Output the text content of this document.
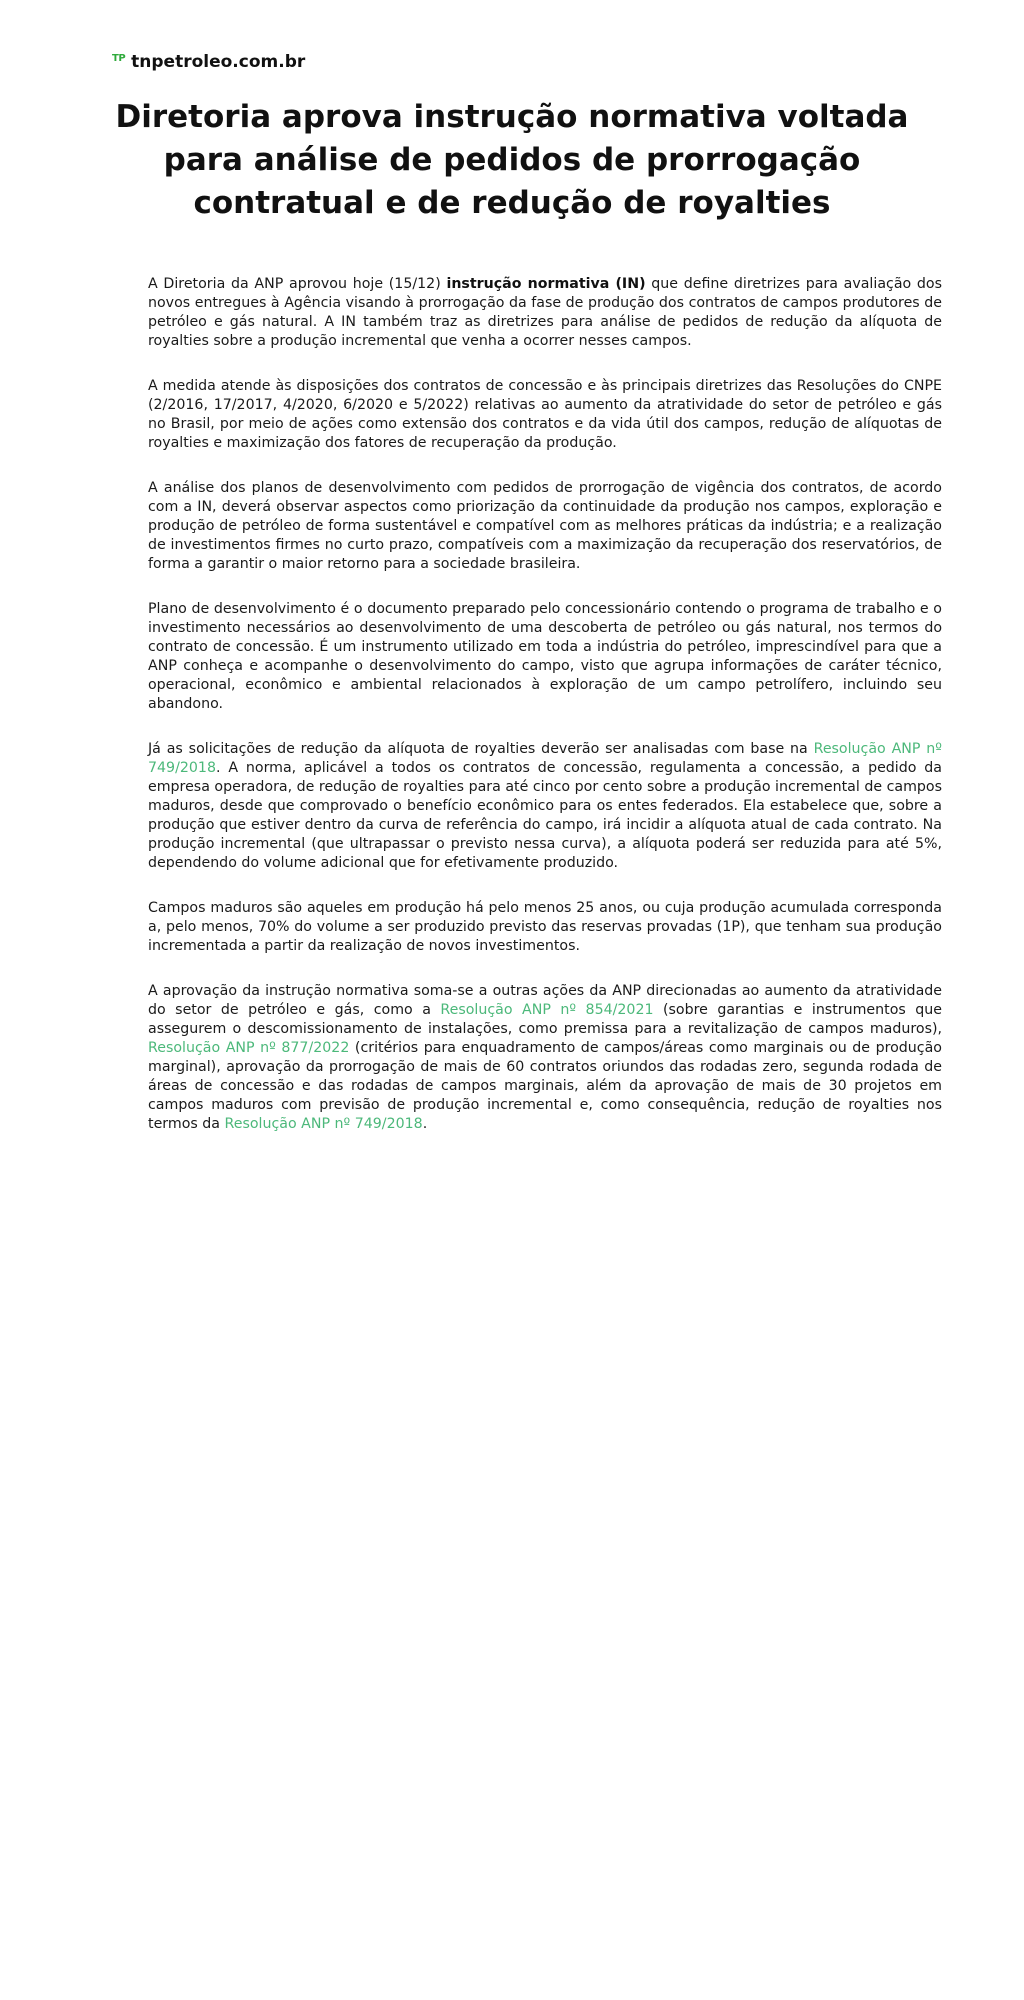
TP tnpetroleo.com.br
Diretoria aprova instrução normativa voltada para análise de pedidos de prorrogação contratual e de redução de royalties

A Diretoria da ANP aprovou hoje (15/12) instrução normativa (IN) que define diretrizes para avaliação dos novos entregues à Agência visando à prorrogação da fase de produção dos contratos de campos produtores de petróleo e gás natural. A IN também traz as diretrizes para análise de pedidos de redução da alíquota de royalties sobre a produção incremental que venha a ocorrer nesses campos.

A medida atende às disposições dos contratos de concessão e às principais diretrizes das Resoluções do CNPE (2/2016, 17/2017, 4/2020, 6/2020 e 5/2022) relativas ao aumento da atratividade do setor de petróleo e gás no Brasil, por meio de ações como extensão dos contratos e da vida útil dos campos, redução de alíquotas de royalties e maximização dos fatores de recuperação da produção.

A análise dos planos de desenvolvimento com pedidos de prorrogação de vigência dos contratos, de acordo com a IN, deverá observar aspectos como priorização da continuidade da produção nos campos, exploração e produção de petróleo de forma sustentável e compatível com as melhores práticas da indústria; e a realização de investimentos firmes no curto prazo, compatíveis com a maximização da recuperação dos reservatórios, de forma a garantir o maior retorno para a sociedade brasileira.

Plano de desenvolvimento é o documento preparado pelo concessionário contendo o programa de trabalho e o investimento necessários ao desenvolvimento de uma descoberta de petróleo ou gás natural, nos termos do contrato de concessão. É um instrumento utilizado em toda a indústria do petróleo, imprescindível para que a ANP conheça e acompanhe o desenvolvimento do campo, visto que agrupa informações de caráter técnico, operacional, econômico e ambiental relacionados à exploração de um campo petrolífero, incluindo seu abandono.

Já as solicitações de redução da alíquota de royalties deverão ser analisadas com base na Resolução ANP nº 749/2018. A norma, aplicável a todos os contratos de concessão, regulamenta a concessão, a pedido da empresa operadora, de redução de royalties para até cinco por cento sobre a produção incremental de campos maduros, desde que comprovado o benefício econômico para os entes federados. Ela estabelece que, sobre a produção que estiver dentro da curva de referência do campo, irá incidir a alíquota atual de cada contrato. Na produção incremental (que ultrapassar o previsto nessa curva), a alíquota poderá ser reduzida para até 5%, dependendo do volume adicional que for efetivamente produzido.

Campos maduros são aqueles em produção há pelo menos 25 anos, ou cuja produção acumulada corresponda a, pelo menos, 70% do volume a ser produzido previsto das reservas provadas (1P), que tenham sua produção incrementada a partir da realização de novos investimentos.

A aprovação da instrução normativa soma-se a outras ações da ANP direcionadas ao aumento da atratividade do setor de petróleo e gás, como a Resolução ANP nº 854/2021 (sobre garantias e instrumentos que assegurem o descomissionamento de instalações, como premissa para a revitalização de campos maduros), Resolução ANP nº 877/2022 (critérios para enquadramento de campos/áreas como marginais ou de produção marginal), aprovação da prorrogação de mais de 60 contratos oriundos das rodadas zero, segunda rodada de áreas de concessão e das rodadas de campos marginais, além da aprovação de mais de 30 projetos em campos maduros com previsão de produção incremental e, como consequência, redução de royalties nos termos da Resolução ANP nº 749/2018.
